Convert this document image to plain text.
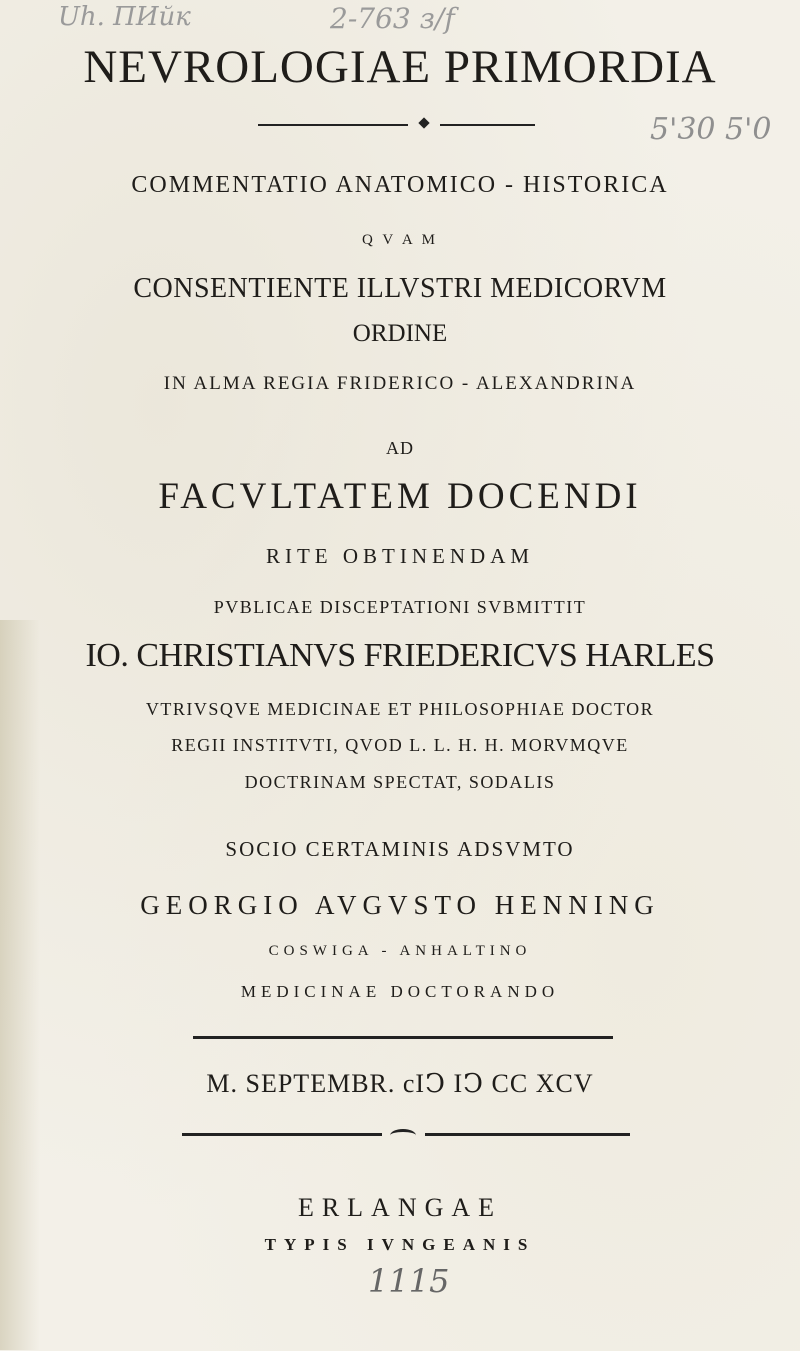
Uh. ПИйк	2-763 з/f
5'30 5'0
NEVROLOGIAE PRIMORDIA
COMMENTATIO ANATOMICO - HISTORICA
Q V A M
CONSENTIENTE ILLVSTRI MEDICORVM
ORDINE
IN ALMA REGIA FRIDERICO - ALEXANDRINA
AD
FACVLTATEM DOCENDI
RITE OBTINENDAM
PVBLICAE DISCEPTATIONI SVBMITTIT
IO. CHRISTIANVS FRIEDERICVS HARLES
VTRIVSQVE MEDICINAE ET PHILOSOPHIAE DOCTOR
REGII INSTITVTI, QVOD L. L. H. H. MORVMQVE
DOCTRINAM SPECTAT, SODALIS
SOCIO CERTAMINIS ADSVMTO
GEORGIO AVGVSTO HENNING
COSWIGA - ANHALTINO
MEDICINAE DOCTORANDO
M. SEPTEMBR. cIↃ IↃ CC XCV
ERLANGAE
TYPIS IVNGEANIS
1115
